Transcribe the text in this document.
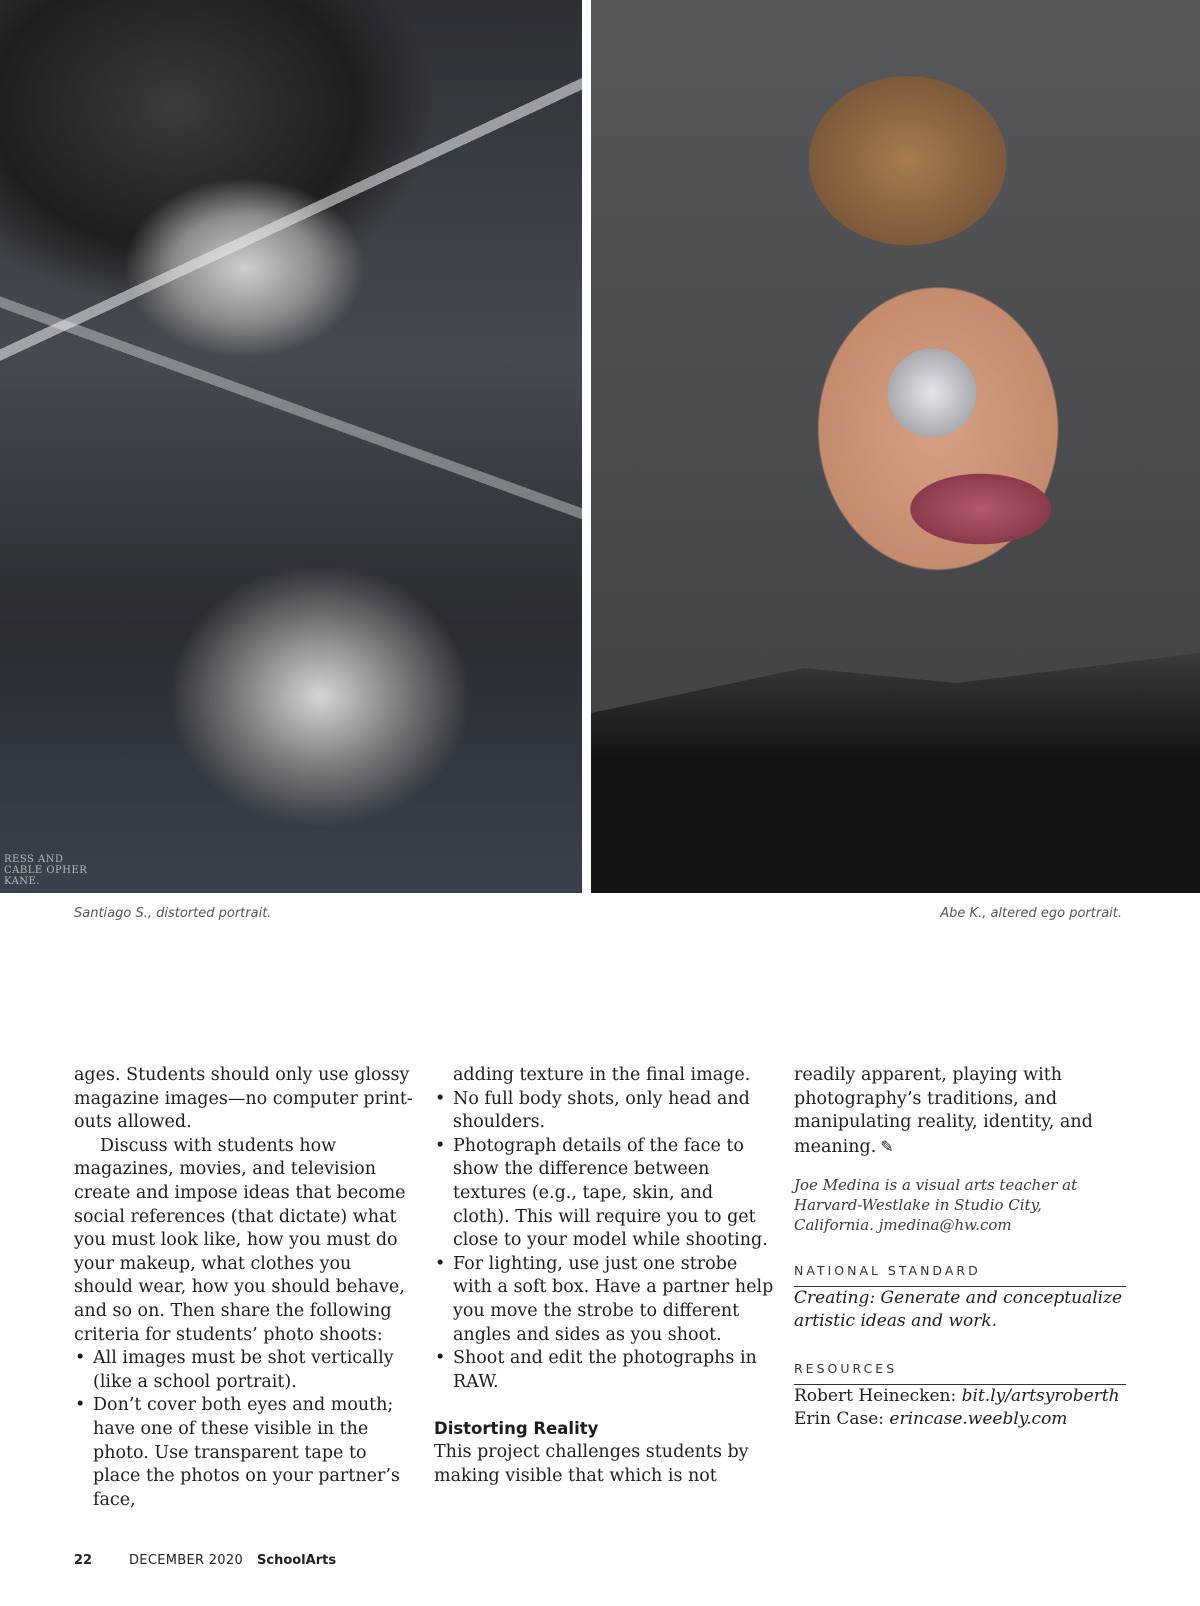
RESS AND CABLE OPHER KANE.
Santiago S., distorted portrait.	Abe K., altered ego portrait.

ages. Students should only use glossy magazine images—no computer print-outs allowed.

Discuss with students how magazines, movies, and television create and impose ideas that become social references (that dictate) what you must look like, how you must do your makeup, what clothes you should wear, how you should behave, and so on. Then share the following criteria for students’ photo shoots:

• All images must be shot vertically (like a school portrait).
• Don’t cover both eyes and mouth; have one of these visible in the photo. Use transparent tape to place the photos on your partner’s face,

adding texture in the final image.

• No full body shots, only head and shoulders.
• Photograph details of the face to show the difference between textures (e.g., tape, skin, and cloth). This will require you to get close to your model while shooting.
• For lighting, use just one strobe with a soft box. Have a partner help you move the strobe to different angles and sides as you shoot.
• Shoot and edit the photographs in RAW.

Distorting Reality

This project challenges students by making visible that which is not

readily apparent, playing with photography’s traditions, and manipulating reality, identity, and meaning. ✎

Joe Medina is a visual arts teacher at Harvard-Westlake in Studio City, California. jmedina@hw.com

NATIONAL STANDARD

Creating: Generate and conceptualize artistic ideas and work.

RESOURCES

Robert Heinecken: bit.ly/artsyroberth

Erin Case: erincase.weebly.com

22	DECEMBER 2020 SchoolArts
